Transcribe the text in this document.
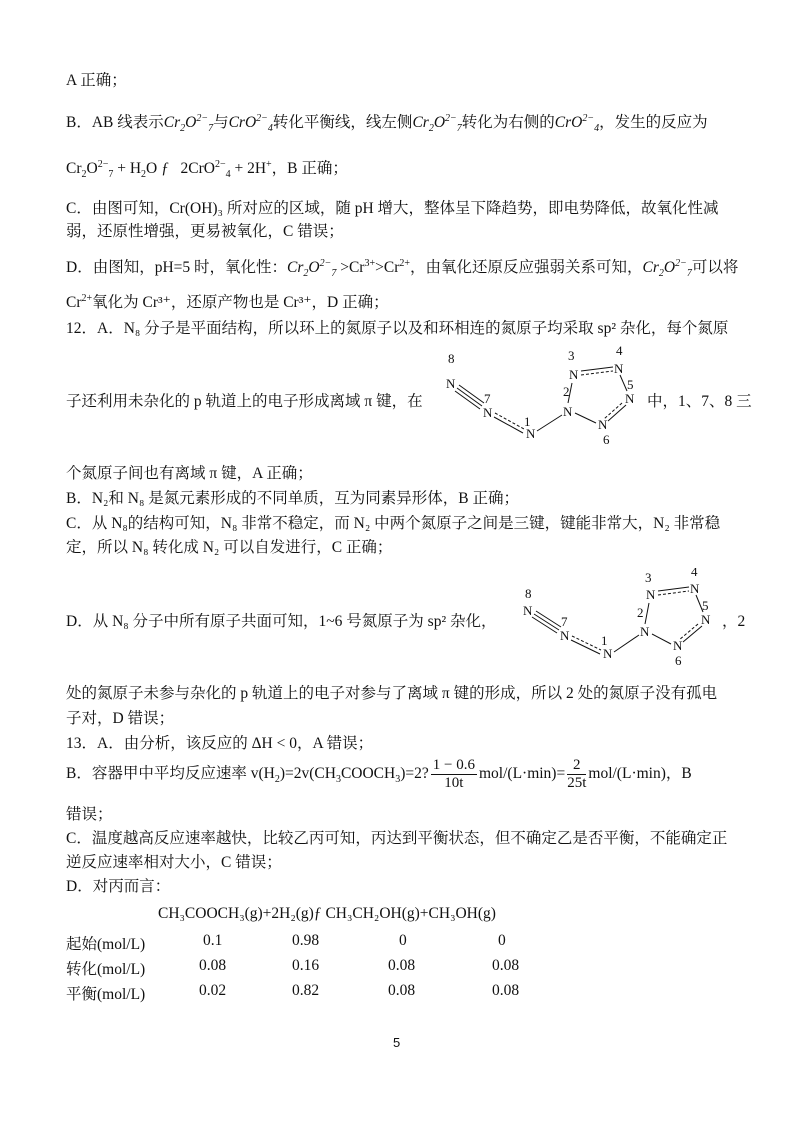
A 正确；
B．AB 线表示$Cr_2O^{2-}_7$与CrO$^{2-}_4$转化平衡线，线左侧$Cr_2O^{2-}_7$转化为右侧的CrO$^{2-}_4$，发生的反应为
$Cr_2O^{2-}_7 + H_2O$ ƒ   2CrO$^{2-}_4$ + 2H+，B 正确；
C．由图可知，Cr(OH)₃ 所对应的区域，随 pH 增大，整体呈下降趋势，即电势降低，故氧化性减
弱，还原性增强，更易被氧化，C 错误；
D．由图知，pH=5 时，氧化性：$Cr_2O^{2-}_7 >Cr^{3+}>Cr^{2+}$，由氧化还原反应强弱关系可知，$Cr_2O^{2-}_7$可以将
$Cr^{2+}$氧化为 Cr³⁺，还原产物也是 Cr³⁺，D 正确；
12．A．N₈ 分子是平面结构，所以环上的氮原子以及和环相连的氮原子均采取 sp² 杂化，每个氮原
子还利用未杂化的 p 轨道上的电子形成离域 π 键，在	中，1、7、8 三
8
7
1
2
3	4
5
6
N
N
N
N
N	N
N
N
个氮原子间也有离域 π 键，A 正确；
B．N₂和 N₈ 是氮元素形成的不同单质，互为同素异形体，B 正确；
C．从 N₈的结构可知，N₈ 非常不稳定，而 N₂ 中两个氮原子之间是三键，键能非常大，N₂ 非常稳
定，所以 N₈ 转化成 N₂ 可以自发进行，C 正确；
D．从 N₈ 分子中所有原子共面可知，1~6 号氮原子为 sp² 杂化，	，2
8
7
1
2
3	4
5
6
N
N
N
N
N	N
N
N
处的氮原子未参与杂化的 p 轨道上的电子对参与了离域 π 键的形成，所以 2 处的氮原子没有孤电
子对，D 错误；
13．A．由分析，该反应的 ΔH < 0，A 错误；
B．容器甲中平均反应速率 $v(H_2)=2v(CH_3COOCH_3)=2$? $\frac{1 - 0.6}{10t} mol/(L\cdot\min)= \frac{2}{25t} mol/(L\cdot\min)$，B
错误；
C．温度越高反应速率越快，比较乙丙可知，丙达到平衡状态，但不确定乙是否平衡，不能确定正
逆反应速率相对大小，C 错误；
D．对丙而言：
CH₃COOCH₃(g)+2H₂(g)ƒ CH₃CH₂OH(g)+CH₃OH(g)
起始(mol/L)	0.1	0.98	0	0
转化(mol/L)	0.08	0.16	0.08	0.08
平衡(mol/L)	0.02	0.82	0.08	0.08
5
